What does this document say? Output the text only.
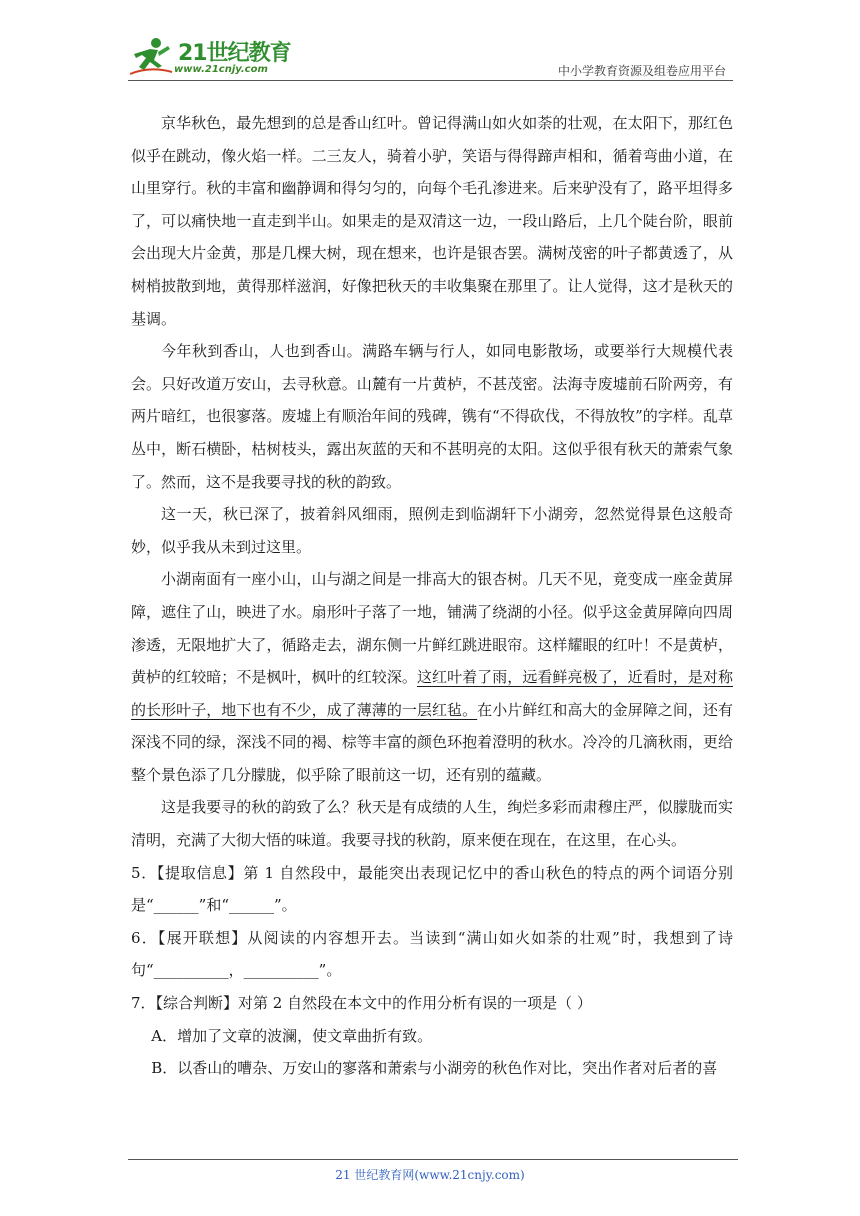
21世纪教育
www.21cnjy.com	中小学教育资源及组卷应用平台

京华秋色，最先想到的总是香山红叶。曾记得满山如火如荼的壮观，在太阳下，那红色似乎在跳动，像火焰一样。二三友人，骑着小驴，笑语与得得蹄声相和，循着弯曲小道，在山里穿行。秋的丰富和幽静调和得匀匀的，向每个毛孔渗进来。后来驴没有了，路平坦得多了，可以痛快地一直走到半山。如果走的是双清这一边，一段山路后，上几个陡台阶，眼前会出现大片金黄，那是几棵大树，现在想来，也许是银杏罢。满树茂密的叶子都黄透了，从树梢披散到地，黄得那样滋润，好像把秋天的丰收集聚在那里了。让人觉得，这才是秋天的基调。

今年秋到香山，人也到香山。满路车辆与行人，如同电影散场，或要举行大规模代表会。只好改道万安山，去寻秋意。山麓有一片黄栌，不甚茂密。法海寺废墟前石阶两旁，有两片暗红，也很寥落。废墟上有顺治年间的残碑，镌有“不得砍伐，不得放牧”的字样。乱草丛中，断石横卧，枯树枝头，露出灰蓝的天和不甚明亮的太阳。这似乎很有秋天的萧索气象了。然而，这不是我要寻找的秋的韵致。

这一天，秋已深了，披着斜风细雨，照例走到临湖轩下小湖旁，忽然觉得景色这般奇妙，似乎我从未到过这里。

小湖南面有一座小山，山与湖之间是一排高大的银杏树。几天不见，竟变成一座金黄屏障，遮住了山，映进了水。扇形叶子落了一地，铺满了绕湖的小径。似乎这金黄屏障向四周渗透，无限地扩大了，循路走去，湖东侧一片鲜红跳进眼帘。这样耀眼的红叶！不是黄栌，黄栌的红较暗；不是枫叶，枫叶的红较深。这红叶着了雨，远看鲜亮极了，近看时，是对称的长形叶子，地下也有不少，成了薄薄的一层红毡。在小片鲜红和高大的金屏障之间，还有深浅不同的绿，深浅不同的褐、棕等丰富的颜色环抱着澄明的秋水。冷冷的几滴秋雨，更给整个景色添了几分朦胧，似乎除了眼前这一切，还有别的蕴藏。

这是我要寻的秋的韵致了么？秋天是有成绩的人生，绚烂多彩而肃穆庄严，似朦胧而实清明，充满了大彻大悟的味道。我要寻找的秋韵，原来便在现在，在这里，在心头。

5．【提取信息】第 1 自然段中，最能突出表现记忆中的香山秋色的特点的两个词语分别是“______”和“______”。

6．【展开联想】从阅读的内容想开去。当读到“满山如火如荼的壮观”时，我想到了诗句“__________，__________”。

7．【综合判断】对第 2 自然段在本文中的作用分析有误的一项是（ ）

A．增加了文章的波澜，使文章曲折有致。

B．以香山的嘈杂、万安山的寥落和萧索与小湖旁的秋色作对比，突出作者对后者的喜

21 世纪教育网(www.21cnjy.com)
